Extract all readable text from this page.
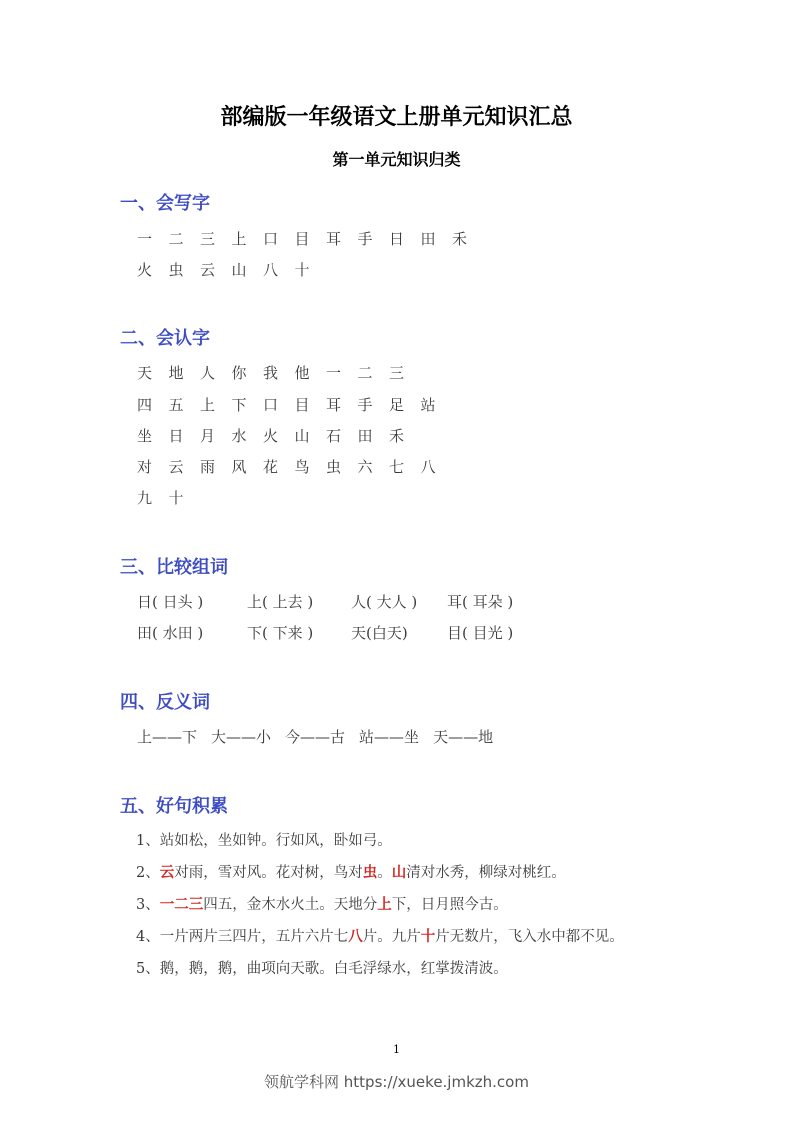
部编版一年级语文上册单元知识汇总
第一单元知识归类
一、会写字
一 二 三 上 口 目 耳 手 日 田 禾
火 虫 云 山 八 十
二、会认字
天 地 人 你 我 他 一 二 三
四 五 上 下 口 目 耳 手 足 站
坐 日 月 水 火 山 石 田 禾
对 云 雨 风 花 鸟 虫 六 七 八
九 十
三、比较组词
日( 日头 )	上( 上去 )	人( 大人 ) 耳( 耳朵 )
田( 水田 )	下( 下来 )	天(白天)	目( 目光 )
四、反义词
上——下 大——小 今——古 站——坐 天——地
五、好句积累
1、站如松，坐如钟。行如风，卧如弓。
2、云对雨，雪对风。花对树，鸟对虫。山清对水秀，柳绿对桃红。
3、一二三四五，金木水火土。天地分上下，日月照今古。
4、一片两片三四片，五片六片七八片。九片十片无数片，飞入水中都不见。
5、鹅，鹅，鹅，曲项向天歌。白毛浮绿水，红掌拨清波。
1
领航学科网 https://xueke.jmkzh.com
